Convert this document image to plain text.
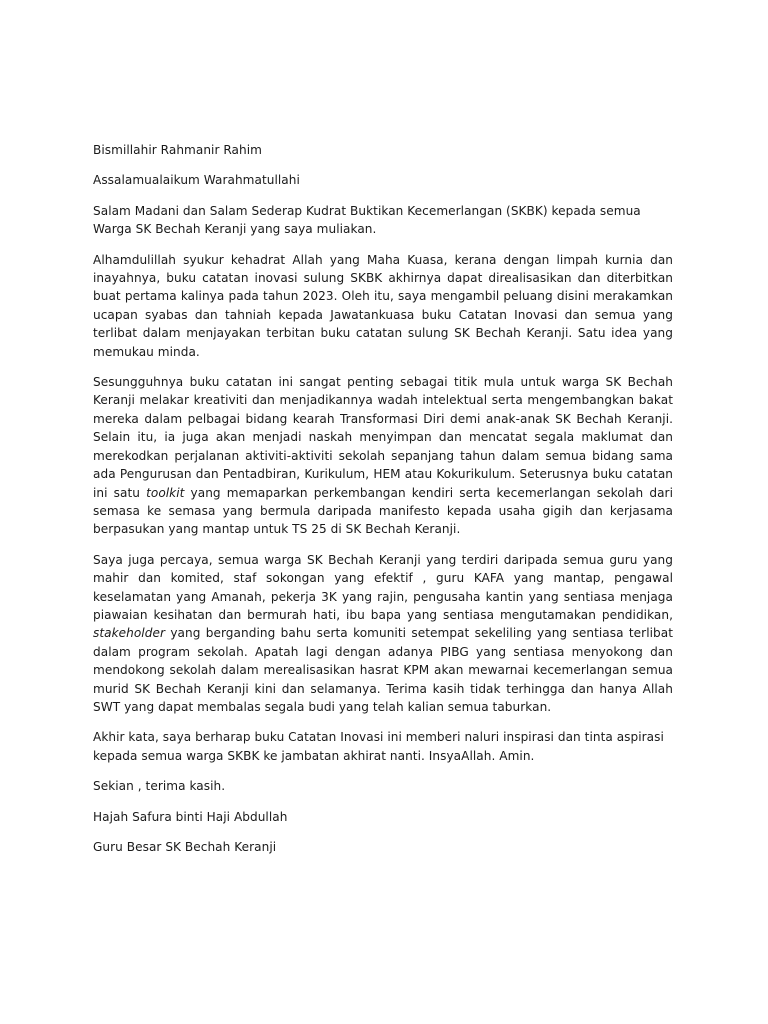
Bismillahir Rahmanir Rahim

Assalamualaikum Warahmatullahi

Salam Madani dan Salam Sederap Kudrat Buktikan Kecemerlangan (SKBK) kepada semua Warga SK Bechah Keranji yang saya muliakan.

Alhamdulillah syukur kehadrat Allah yang Maha Kuasa, kerana dengan limpah kurnia dan inayahnya, buku catatan inovasi sulung SKBK akhirnya dapat direalisasikan dan diterbitkan buat pertama kalinya pada tahun 2023. Oleh itu, saya mengambil peluang disini merakamkan ucapan syabas dan tahniah kepada Jawatankuasa buku Catatan Inovasi dan semua yang terlibat dalam menjayakan terbitan buku catatan sulung SK Bechah Keranji. Satu idea yang memukau minda.

Sesungguhnya buku catatan ini sangat penting sebagai titik mula untuk warga SK Bechah Keranji melakar kreativiti dan menjadikannya wadah intelektual serta mengembangkan bakat mereka dalam pelbagai bidang kearah Transformasi Diri demi anak-anak SK Bechah Keranji. Selain itu, ia juga akan menjadi naskah menyimpan dan mencatat segala maklumat dan merekodkan perjalanan aktiviti-aktiviti sekolah sepanjang tahun dalam semua bidang sama ada Pengurusan dan Pentadbiran, Kurikulum, HEM atau Kokurikulum. Seterusnya buku catatan ini satu toolkit yang memaparkan perkembangan kendiri serta kecemerlangan sekolah dari semasa ke semasa yang bermula daripada manifesto kepada usaha gigih dan kerjasama berpasukan yang mantap untuk TS 25 di SK Bechah Keranji.

Saya juga percaya, semua warga SK Bechah Keranji yang terdiri daripada semua guru yang mahir dan komited, staf sokongan yang efektif , guru KAFA yang mantap, pengawal keselamatan yang Amanah, pekerja 3K yang rajin, pengusaha kantin yang sentiasa menjaga piawaian kesihatan dan bermurah hati, ibu bapa yang sentiasa mengutamakan pendidikan, stakeholder yang berganding bahu serta komuniti setempat sekeliling yang sentiasa terlibat dalam program sekolah. Apatah lagi dengan adanya PIBG yang sentiasa menyokong dan mendokong sekolah dalam merealisasikan hasrat KPM akan mewarnai kecemerlangan semua murid SK Bechah Keranji kini dan selamanya. Terima kasih tidak terhingga dan hanya Allah SWT yang dapat membalas segala budi yang telah kalian semua taburkan.

Akhir kata, saya berharap buku Catatan Inovasi ini memberi naluri inspirasi dan tinta aspirasi kepada semua warga SKBK ke jambatan akhirat nanti. InsyaAllah. Amin.

Sekian , terima kasih.

Hajah Safura binti Haji Abdullah

Guru Besar SK Bechah Keranji
